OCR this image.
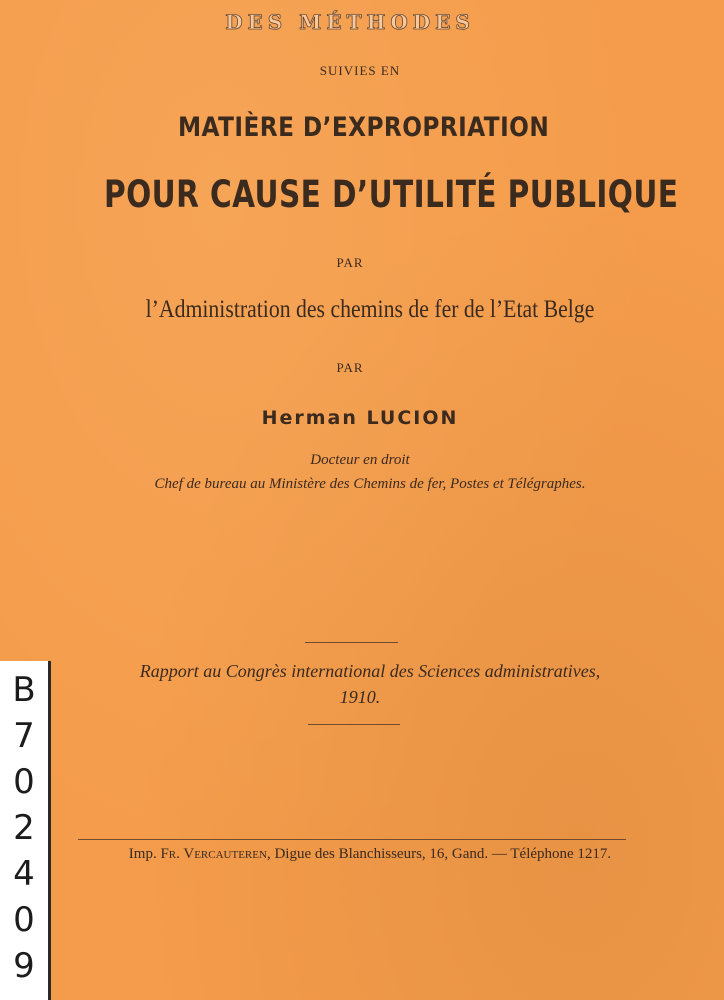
DES MÉTHODES
SUIVIES EN
MATIÈRE D’EXPROPRIATION
POUR CAUSE D’UTILITÉ PUBLIQUE
PAR
l’Administration des chemins de fer de l’Etat Belge
PAR
Herman LUCION
Docteur en droit
Chef de bureau au Ministère des Chemins de fer, Postes et Télégraphes.
Rapport au Congrès international des Sciences administratives,
1910.
Imp. Fr. Vercauteren, Digue des Blanchisseurs, 16, Gand. — Téléphone 1217.
B
7
0
2
4
0
9
